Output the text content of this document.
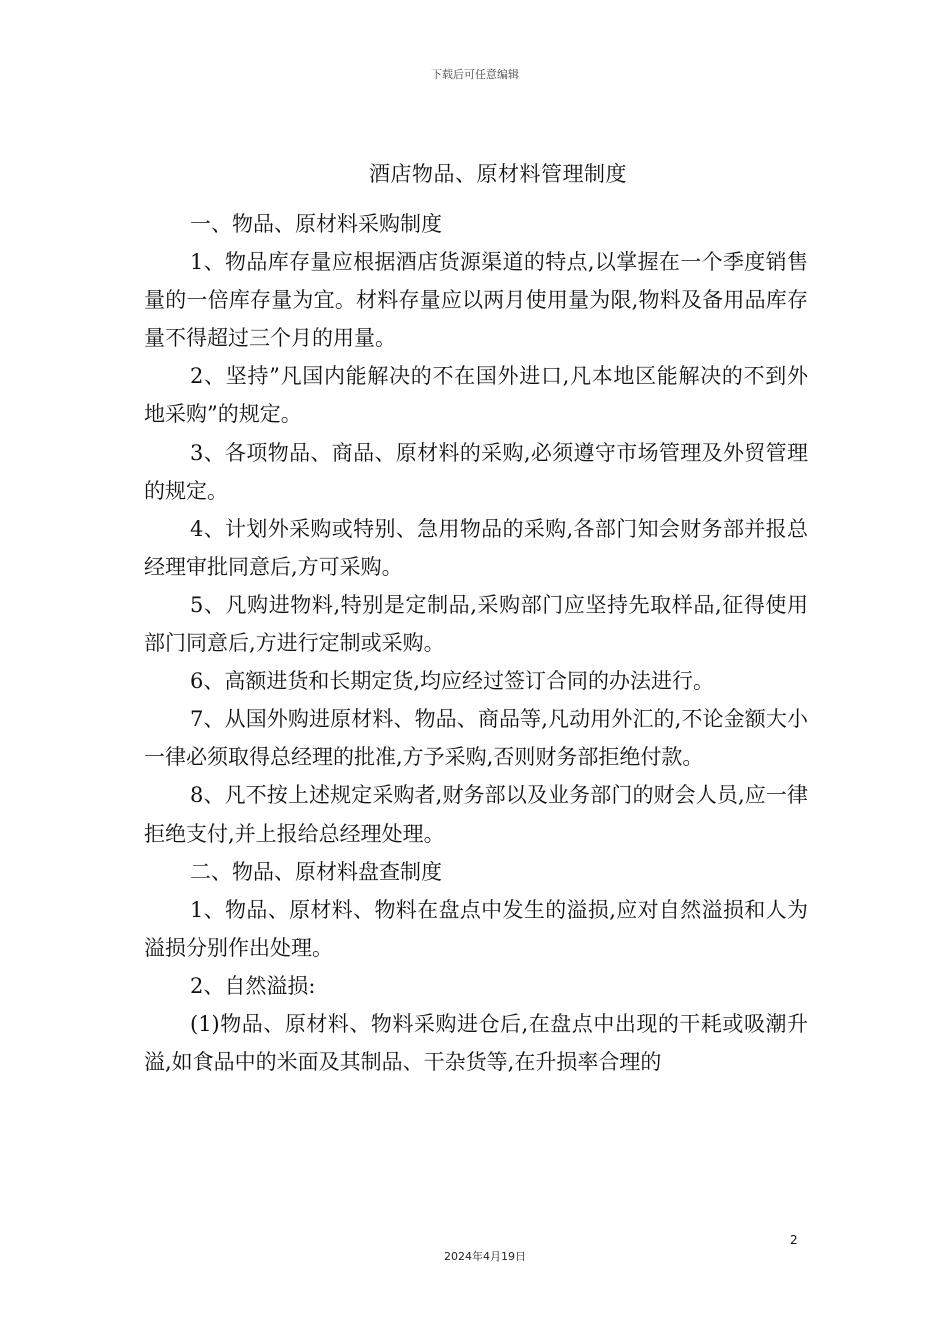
下载后可任意编辑
酒店物品、原材料管理制度

一、物品、原材料采购制度

1、物品库存量应根据酒店货源渠道的特点,以掌握在一个季度销售量的一倍库存量为宜。材料存量应以两月使用量为限,物料及备用品库存量不得超过三个月的用量。

2、坚持”凡国内能解决的不在国外进口,凡本地区能解决的不到外地采购”的规定。

3、各项物品、商品、原材料的采购,必须遵守市场管理及外贸管理的规定。

4、计划外采购或特别、急用物品的采购,各部门知会财务部并报总经理审批同意后,方可采购。

5、凡购进物料,特别是定制品,采购部门应坚持先取样品,征得使用部门同意后,方进行定制或采购。

6、高额进货和长期定货,均应经过签订合同的办法进行。

7、从国外购进原材料、物品、商品等,凡动用外汇的,不论金额大小一律必须取得总经理的批准,方予采购,否则财务部拒绝付款。

8、凡不按上述规定采购者,财务部以及业务部门的财会人员,应一律拒绝支付,并上报给总经理处理。

二、物品、原材料盘查制度

1、物品、原材料、物料在盘点中发生的溢损,应对自然溢损和人为溢损分别作出处理。

2、自然溢损:

(1)物品、原材料、物料采购进仓后,在盘点中出现的干耗或吸潮升溢,如食品中的米面及其制品、干杂货等,在升损率合理的

2
2024年4月19日
